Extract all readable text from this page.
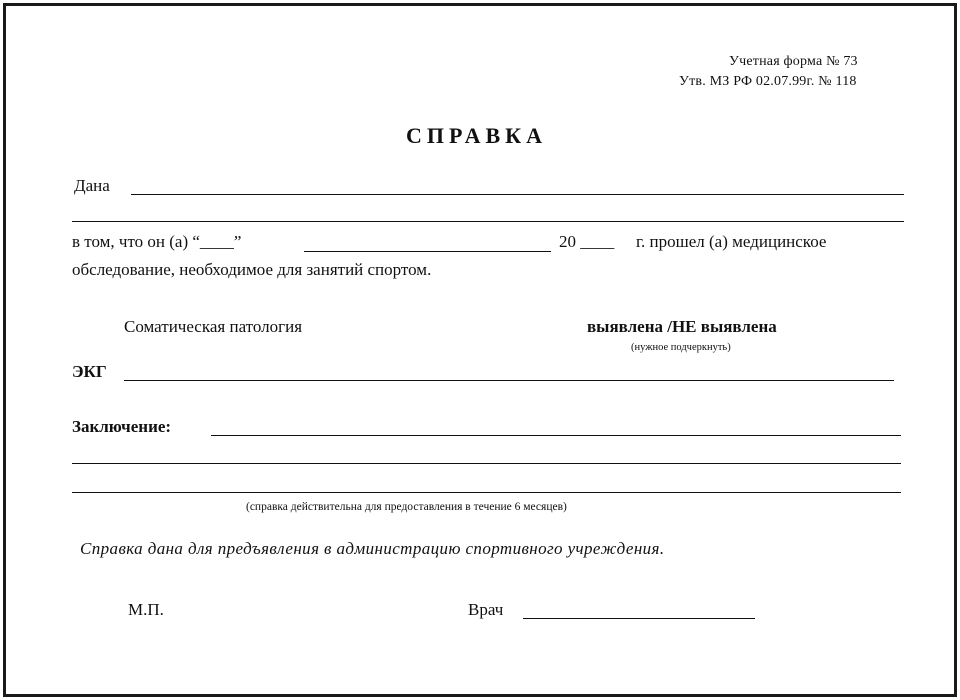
Учетная форма № 73
Утв. МЗ РФ 02.07.99г. № 118
СПРАВКА
Дана
в том, что он (а) “____”	20 ____ г. прошел (а) медицинское
обследование, необходимое для занятий спортом.
Соматическая патология	выявлена /НЕ выявлена
(нужное подчеркнуть)
ЭКГ
Заключение:
(справка действительна для предоставления в течение 6 месяцев)
Справка дана для предъявления в администрацию спортивного учреждения.
М.П.	Врач
